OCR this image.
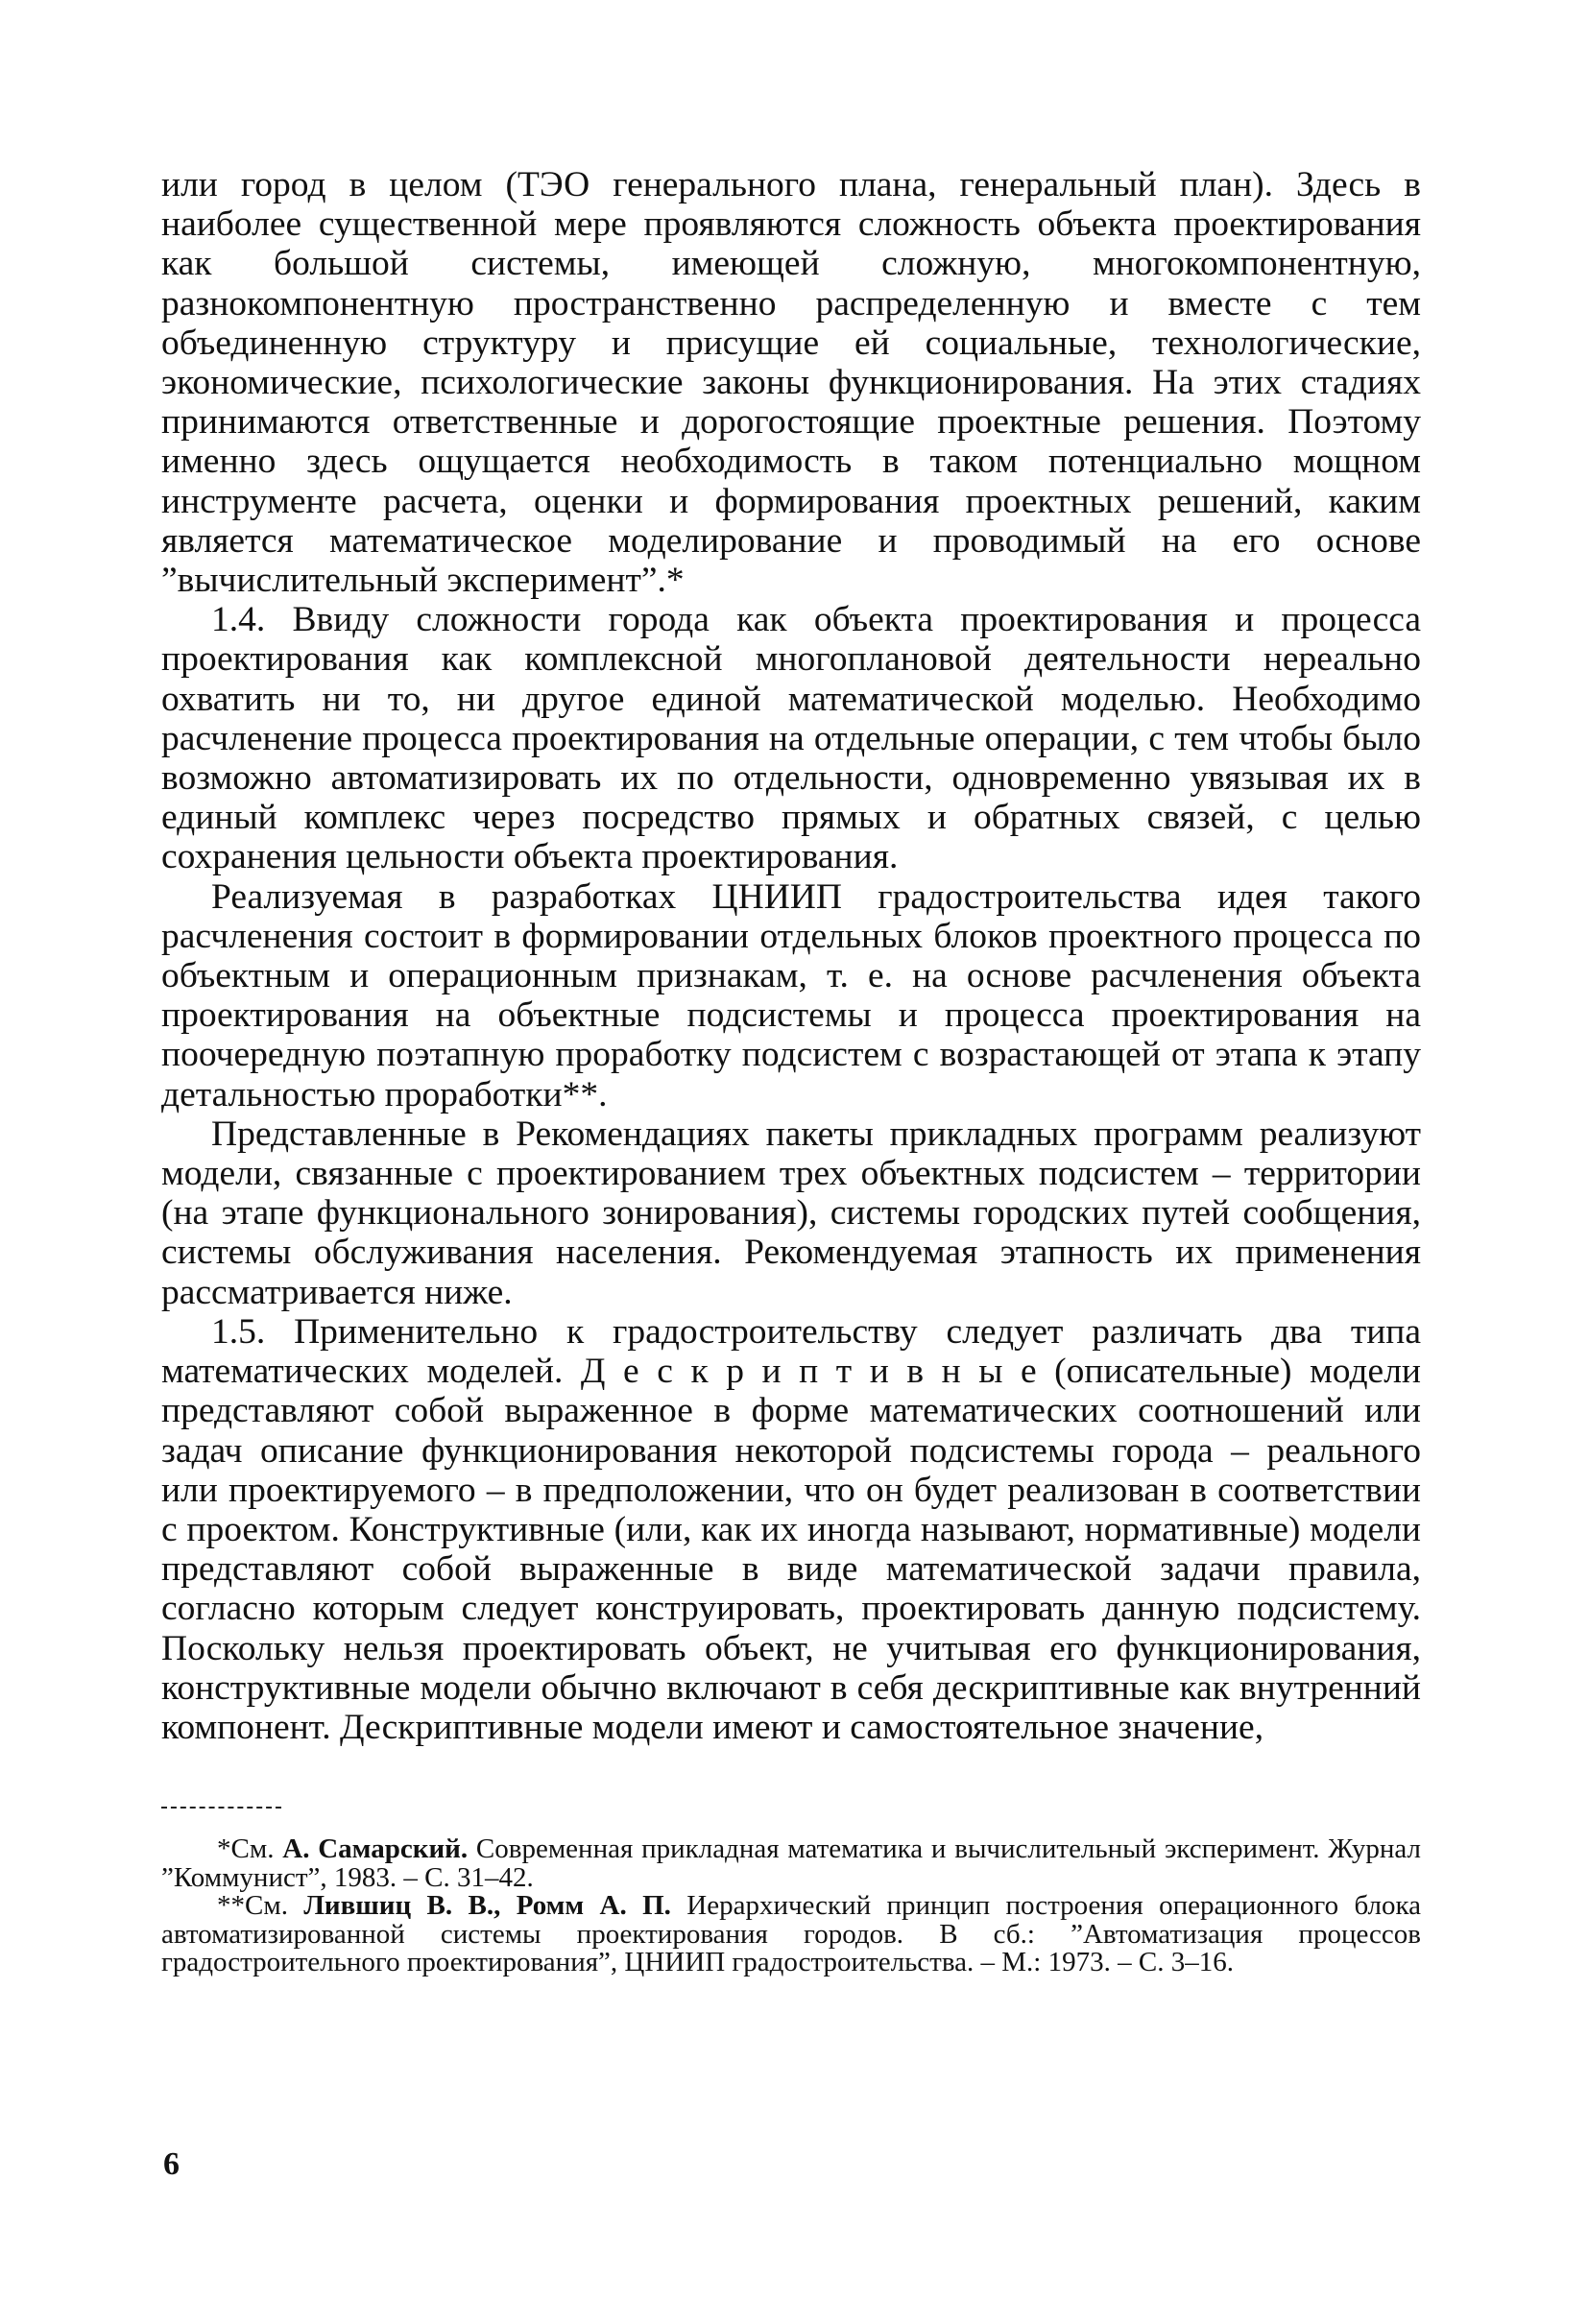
или город в целом (ТЭО генерального плана, генеральный план). Здесь в наиболее существенной мере проявляются сложность объекта проектирования как большой системы, имеющей сложную, многокомпонентную, разнокомпонентную пространственно распределенную и вместе с тем объединенную структуру и присущие ей социальные, технологические, экономические, психологические законы функционирования. На этих стадиях принимаются ответственные и дорогостоящие проектные решения. Поэтому именно здесь ощущается необходимость в таком потенциально мощном инструменте расчета, оценки и формирования проектных решений, каким является математическое моделирование и проводимый на его основе ”вычислительный эксперимент”.*

1.4. Ввиду сложности города как объекта проектирования и процесса проектирования как комплексной многоплановой деятельности нереально охватить ни то, ни другое единой математической моделью. Необходимо расчленение процесса проектирования на отдельные операции, с тем чтобы было возможно автоматизировать их по отдельности, одновременно увязывая их в единый комплекс через посредство прямых и обратных связей, с целью сохранения цельности объекта проектирования.

Реализуемая в разработках ЦНИИП градостроительства идея такого расчленения состоит в формировании отдельных блоков проектного процесса по объектным и операционным признакам, т. е. на основе расчленения объекта проектирования на объектные подсистемы и процесса проектирования на поочередную поэтапную проработку подсистем с возрастающей от этапа к этапу детальностью проработки**.

Представленные в Рекомендациях пакеты прикладных программ реализуют модели, связанные с проектированием трех объектных подсистем – территории (на этапе функционального зонирования), системы городских путей сообщения, системы обслуживания населения. Рекомендуемая этапность их применения рассматривается ниже.

1.5. Применительно к градостроительству следует различать два типа математических моделей. Д е с к р и п т и в н ы е (описательные) модели представляют собой выраженное в форме математических соотношений или задач описание функционирования некоторой подсистемы города – реального или проектируемого – в предположении, что он будет реализован в соответствии с проектом. Конструктивные (или, как их иногда называют, нормативные) модели представляют собой выраженные в виде математической задачи правила, согласно которым следует конструировать, проектировать данную подсистему. Поскольку нельзя проектировать объект, не учитывая его функционирования, конструктивные модели обычно включают в себя дескриптивные как внутренний компонент. Дескриптивные модели имеют и самостоятельное значение,

*См. А. Самарский. Современная прикладная математика и вычислительный эксперимент. Журнал ”Коммунист”, 1983. – С. 31–42.

**См. Лившиц В. В., Ромм А. П. Иерархический принцип построения операционного блока автоматизированной системы проектирования городов. В сб.: ”Автоматизация процессов градостроительного проектирования”, ЦНИИП градостроительства. – М.: 1973. – С. 3–16.

6
